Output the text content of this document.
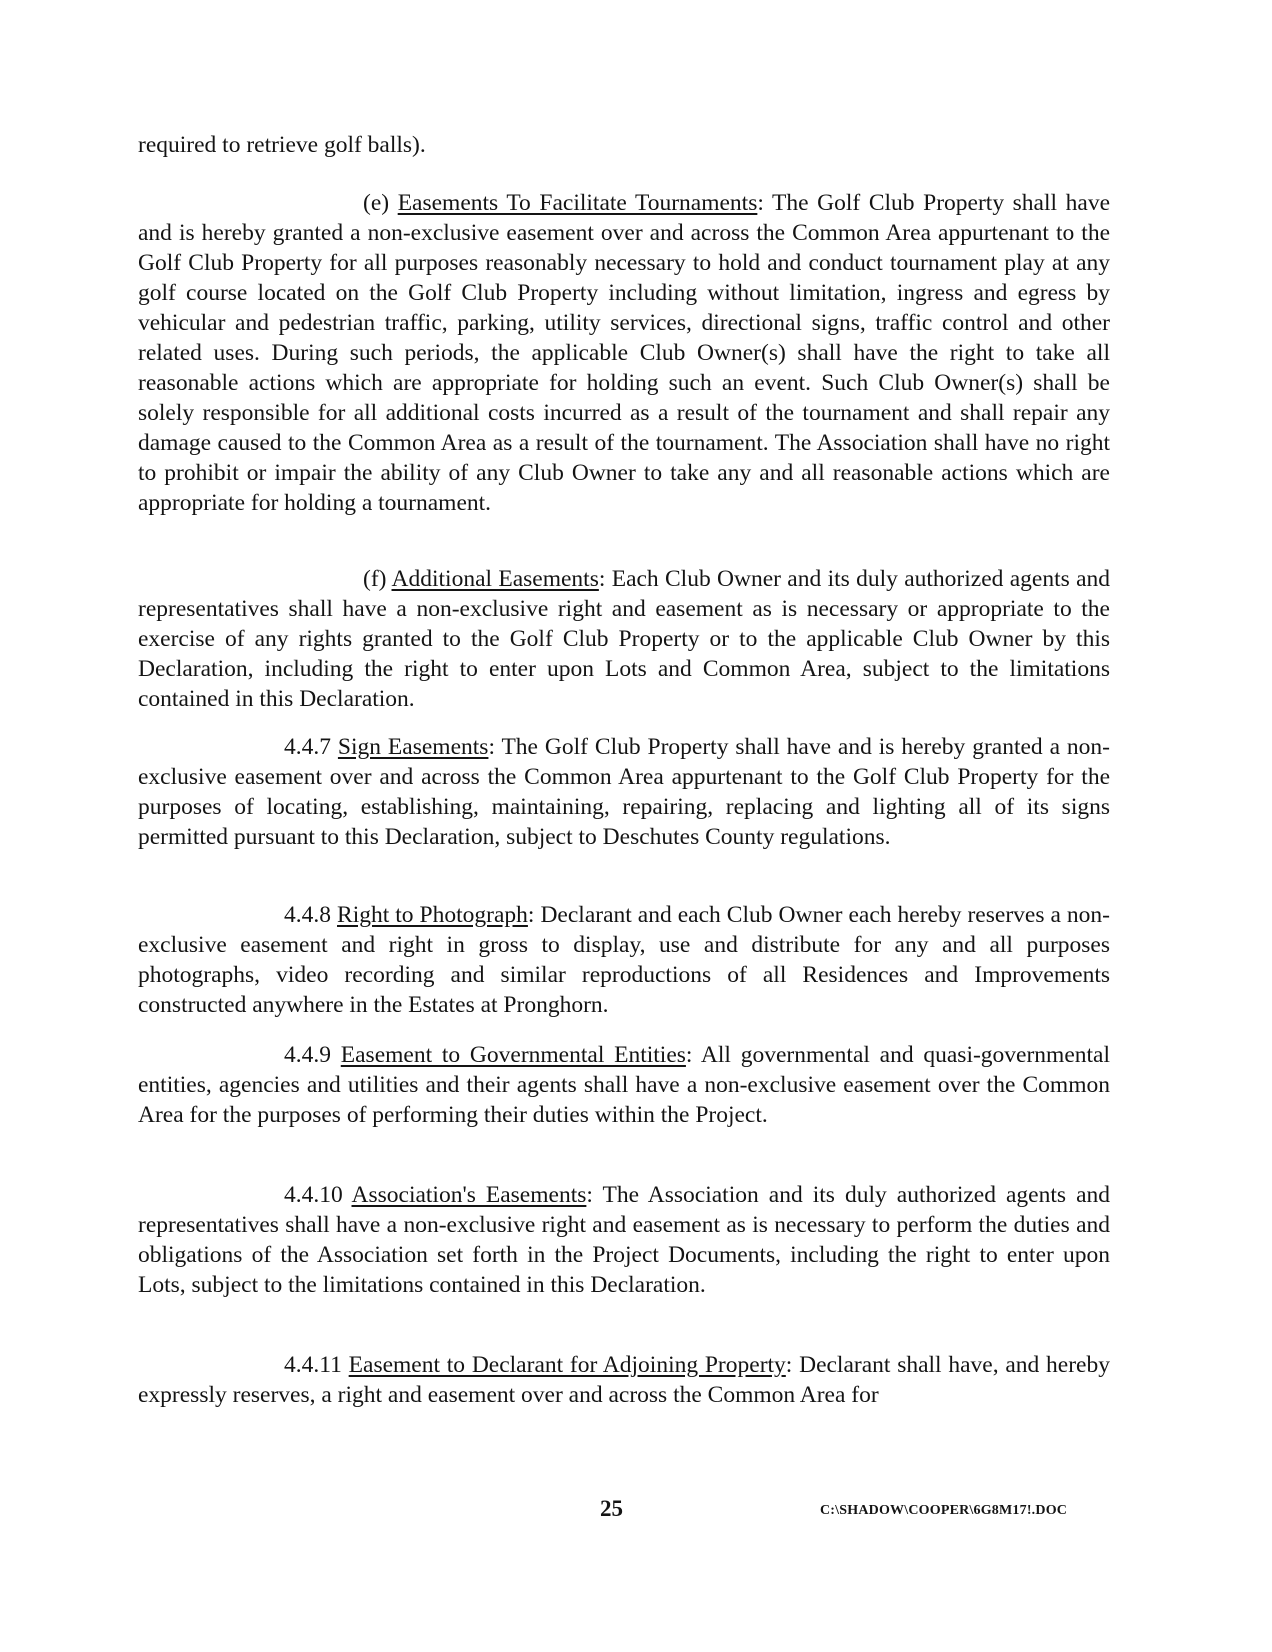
required to retrieve golf balls).

(e) Easements To Facilitate Tournaments: The Golf Club Property shall have and is hereby granted a non-exclusive easement over and across the Common Area appurtenant to the Golf Club Property for all purposes reasonably necessary to hold and conduct tournament play at any golf course located on the Golf Club Property including without limitation, ingress and egress by vehicular and pedestrian traffic, parking, utility services, directional signs, traffic control and other related uses. During such periods, the applicable Club Owner(s) shall have the right to take all reasonable actions which are appropriate for holding such an event. Such Club Owner(s) shall be solely responsible for all additional costs incurred as a result of the tournament and shall repair any damage caused to the Common Area as a result of the tournament. The Association shall have no right to prohibit or impair the ability of any Club Owner to take any and all reasonable actions which are appropriate for holding a tournament.

(f) Additional Easements: Each Club Owner and its duly authorized agents and representatives shall have a non-exclusive right and easement as is necessary or appropriate to the exercise of any rights granted to the Golf Club Property or to the applicable Club Owner by this Declaration, including the right to enter upon Lots and Common Area, subject to the limitations contained in this Declaration.

4.4.7 Sign Easements: The Golf Club Property shall have and is hereby granted a non-exclusive easement over and across the Common Area appurtenant to the Golf Club Property for the purposes of locating, establishing, maintaining, repairing, replacing and lighting all of its signs permitted pursuant to this Declaration, subject to Deschutes County regulations.

4.4.8 Right to Photograph: Declarant and each Club Owner each hereby reserves a non-exclusive easement and right in gross to display, use and distribute for any and all purposes photographs, video recording and similar reproductions of all Residences and Improvements constructed anywhere in the Estates at Pronghorn.

4.4.9 Easement to Governmental Entities: All governmental and quasi-governmental entities, agencies and utilities and their agents shall have a non-exclusive easement over the Common Area for the purposes of performing their duties within the Project.

4.4.10 Association's Easements: The Association and its duly authorized agents and representatives shall have a non-exclusive right and easement as is necessary to perform the duties and obligations of the Association set forth in the Project Documents, including the right to enter upon Lots, subject to the limitations contained in this Declaration.

4.4.11 Easement to Declarant for Adjoining Property: Declarant shall have, and hereby expressly reserves, a right and easement over and across the Common Area for

25	C:\SHADOW\COOPER\6G8M17!.DOC
